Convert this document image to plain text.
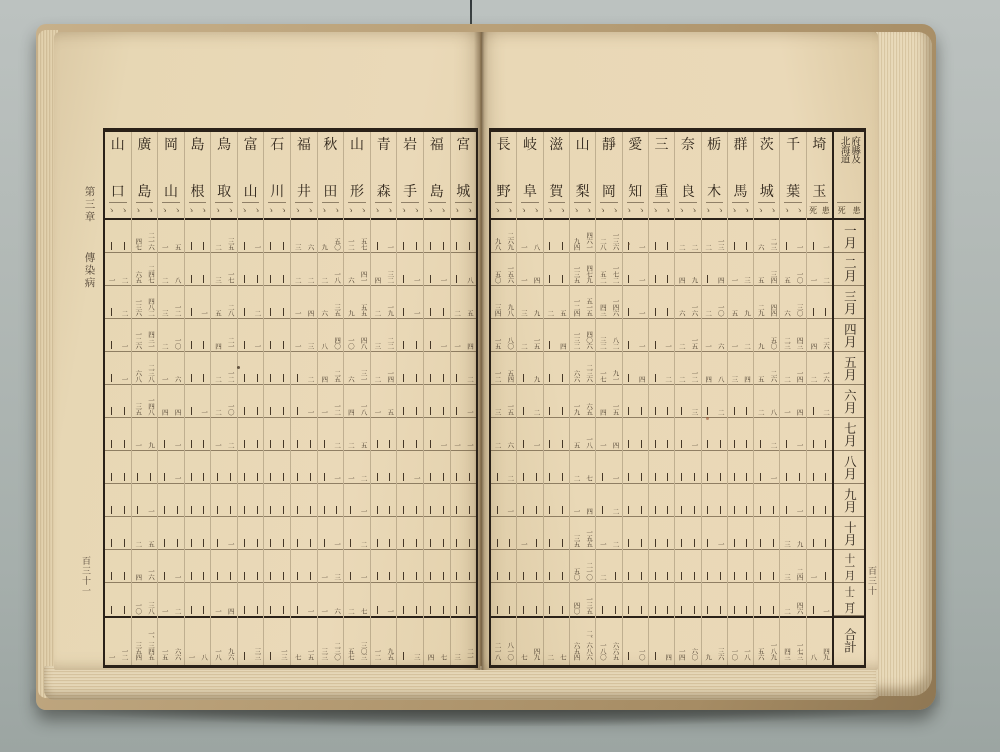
第三章
傳染病
百三十一	百三十
山
口
ゝ ゝ
一 二
二
一
一
一 一二
廣
島
ゝ ゝ
四七 二一六
六五 二四七
一三六 四八二
一二六 四三一
六八 二三八
三五 一四八
一 九
一
二 五
四 一六
一〇 三八
三五四 一、三四五
岡
山
ゝ ゝ
一 五
二 八
三 一二
二 一〇
一 六
四 四
一
一
一
一 二
一五 六六
島
根
ゝ ゝ
一
一
一 八
鳥
取
ゝ ゝ
二 三五
三 一七
五 二八
四 二一
二 一二
二 一〇
一 二
一
一 四
一八 九六
富
山
ゝ ゝ
一
二
一
三三
石
川
ゝ ゝ
一三
福
井
ゝ ゝ
三 六
二 二
一 四
一 三
二
一
一
七 一五
秋
田
ゝ ゝ
九 五〇
二 一八
六 三五
八 四〇
四 二五
一 一二
二
一
一
一 三
一 六
三三 二三〇
山
形
ゝ ゝ
一二 五七
六 四一
九 五五
一〇 四八
六 三一
四 一八
二 五
一 二
一
二
一
二 七
五七 三〇三
青
森
ゝ ゝ
一
四 三二
二 一九
三 二二
二 一四
一 五
一
一二 九五
岩
手
ゝ ゝ
一
一
一
三
福
島
ゝ ゝ
一
一
一
四 七
宮
城
ゝ ゝ
八
二 五
一 四
二
一
一 一
三 二一
長
野
ゝ ゝ
九八 二六九
五〇 一五六
三四 九八
一五 八〇
一二 五四
三 一五
二 六
二
一
二一八 八一〇
岐
阜
ゝ ゝ
一 八
一 四
三 九
二 一五
九
二
一
一
七 四九
滋
賀
ゝ ゝ
二 五
四
二 七
山
梨
ゝ ゝ
九四 四六一
一三五 四七九
一二四 五一五
一三二 四〇六
六六 二三六
一九 六五
五 一八
二 七
一 四
三五 一五五
五〇 二一〇
四〇 一三五
六五四 二、六八六
靜
岡
ゝ ゝ
二八 一三六
五二 一七二
四三 一四六
三二 八二
一七 九一
四 一五
一 四
一
二
一 二
二
一八〇 六六五
愛
知
ゝ ゝ
一
一
一
一
四
一〇
三
重
ゝ ゝ
一
二
四
奈
良
ゝ ゝ
二 二
四 九
六 一六
二 一五
二 一二
三
一
一四 六〇
栃
木
ゝ ゝ
二 一三
四
二 一〇
一 六
四 八
二
一
九 三六
群
馬
ゝ ゝ
一 三
五 九
一 二
三 四
一〇 一八
茨
城
ゝ ゝ
六 二三
五 三四
二九 四四
九 五〇
五 二六
二 八
二
一
五六 一八九
千
葉
ゝ ゝ
一
五 一〇
六 三〇
二三 四三
二 一四
一 四
一
一
三 九
三 二四
二 四六
四三 一七三
埼
玉
死 患
一
一 二
四 二六
二 一六
二
一
一
八 四九
府縣及
北海道
死 患
一月
二月
三月
四月
五月
六月
七月
八月
九月
十月
十一月
十二月
合計
